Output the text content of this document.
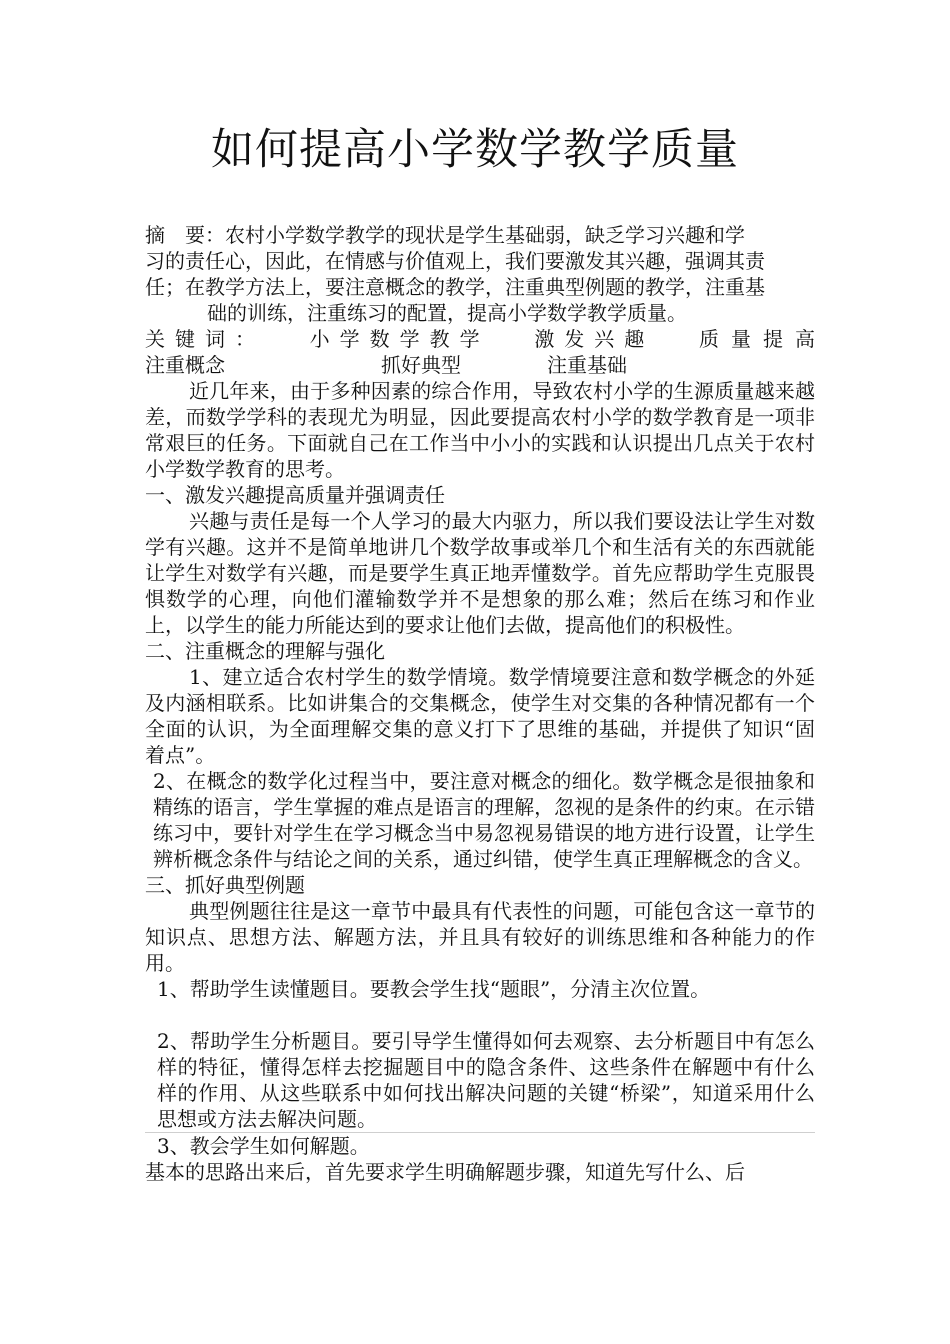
如何提高小学数学教学质量

摘　要：农村小学数学教学的现状是学生基础弱，缺乏学习兴趣和学

习的责任心，因此，在情感与价值观上，我们要激发其兴趣，强调其责

任；在教学方法上，要注意概念的教学，注重典型例题的教学，注重基

础的训练，注重练习的配置，提高小学数学教学质量。

关键词： 小学数学教学 激发兴趣 质量提高
注重概念	抓好典型	注重基础

近几年来，由于多种因素的综合作用，导致农村小学的生源质量越来越差，而数学学科的表现尤为明显，因此要提高农村小学的数学教育是一项非常艰巨的任务。下面就自己在工作当中小小的实践和认识提出几点关于农村小学数学教育的思考。

一、激发兴趣提高质量并强调责任

兴趣与责任是每一个人学习的最大内驱力，所以我们要设法让学生对数学有兴趣。这并不是简单地讲几个数学故事或举几个和生活有关的东西就能让学生对数学有兴趣，而是要学生真正地弄懂数学。首先应帮助学生克服畏惧数学的心理，向他们灌输数学并不是想象的那么难；然后在练习和作业上，以学生的能力所能达到的要求让他们去做，提高他们的积极性。

二、注重概念的理解与强化

1、建立适合农村学生的数学情境。数学情境要注意和数学概念的外延及内涵相联系。比如讲集合的交集概念，使学生对交集的各种情况都有一个全面的认识，为全面理解交集的意义打下了思维的基础，并提供了知识“固着点”。

2、在概念的数学化过程当中，要注意对概念的细化。数学概念是很抽象和精练的语言，学生掌握的难点是语言的理解，忽视的是条件的约束。在示错练习中，要针对学生在学习概念当中易忽视易错误的地方进行设置，让学生辨析概念条件与结论之间的关系，通过纠错，使学生真正理解概念的含义。

三、抓好典型例题

典型例题往往是这一章节中最具有代表性的问题，可能包含这一章节的知识点、思想方法、解题方法，并且具有较好的训练思维和各种能力的作用。

1、帮助学生读懂题目。要教会学生找“题眼”，分清主次位置。

2、帮助学生分析题目。要引导学生懂得如何去观察、去分析题目中有怎么样的特征，懂得怎样去挖掘题目中的隐含条件、这些条件在解题中有什么样的作用、从这些联系中如何找出解决问题的关键“桥梁”，知道采用什么思想或方法去解决问题。

3、教会学生如何解题。

基本的思路出来后，首先要求学生明确解题步骤，知道先写什么、后
